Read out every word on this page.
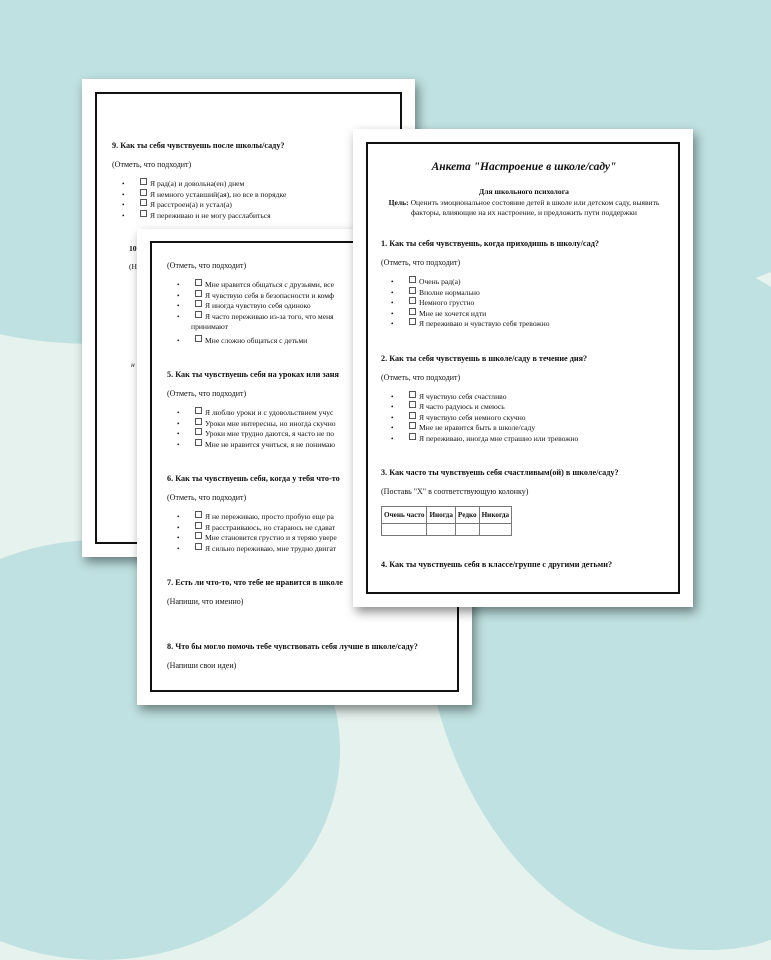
9. Как ты себя чувствуешь после школы/саду?
(Отметь, что подходит)
•	Я рад(а) и довольна(ен) днем
•	Я немного уставший(ая), но все в порядке
•	Я расстроен(а) и устал(а)
•	Я переживаю и не могу расслабиться
10
(Н
н
(Отметь, что подходит)
•	Мне нравится общаться с друзьями, все
•	Я чувствую себя в безопасности и комф
•	Я иногда чувствую себя одиноко
•	Я часто переживаю из-за того, что меня принимают
•	Мне сложно общаться с детьми
5. Как ты чувствуешь себя на уроках или заня
(Отметь, что подходит)
•	Я люблю уроки и с удовольствием учус
•	Уроки мне интересны, но иногда скучно
•	Уроки мне трудно даются, я часто не по
•	Мне не нравится учиться, я не понимаю
6. Как ты чувствуешь себя, когда у тебя что-то
(Отметь, что подходит)
•	Я не переживаю, просто пробую еще ра
•	Я расстраиваюсь, но стараюсь не сдават
•	Мне становится грустно и я теряю увере
•	Я сильно переживаю, мне трудно двигат
7. Есть ли что-то, что тебе не нравится в школе
(Напиши, что именно)
8. Что бы могло помочь тебе чувствовать себя лучше в школе/саду?
(Напиши свои идеи)
Анкета "Настроение в школе/саду"
Для школьного психолога
Цель: Оценить эмоциональное состояние детей в школе или детском саду, выявить факторы, влияющие на их настроение, и предложить пути поддержки
1. Как ты себя чувствуешь, когда приходишь в школу/сад?
(Отметь, что подходит)
•	Очень рад(а)
•	Вполне нормально
•	Немного грустно
•	Мне не хочется идти
•	Я переживаю и чувствую себя тревожно
2. Как ты себя чувствуешь в школе/саду в течение дня?
(Отметь, что подходит)
•	Я чувствую себя счастливо
•	Я часто радуюсь и смеюсь
•	Я чувствую себя немного скучно
•	Мне не нравится быть в школе/саду
•	Я переживаю, иногда мне страшно или тревожно
3. Как часто ты чувствуешь себя счастливым(ой) в школе/саду?
(Поставь "X" в соответствующую колонку)
Очень часто	Иногда	Редко	Никогда

4. Как ты чувствуешь себя в классе/группе с другими детьми?
